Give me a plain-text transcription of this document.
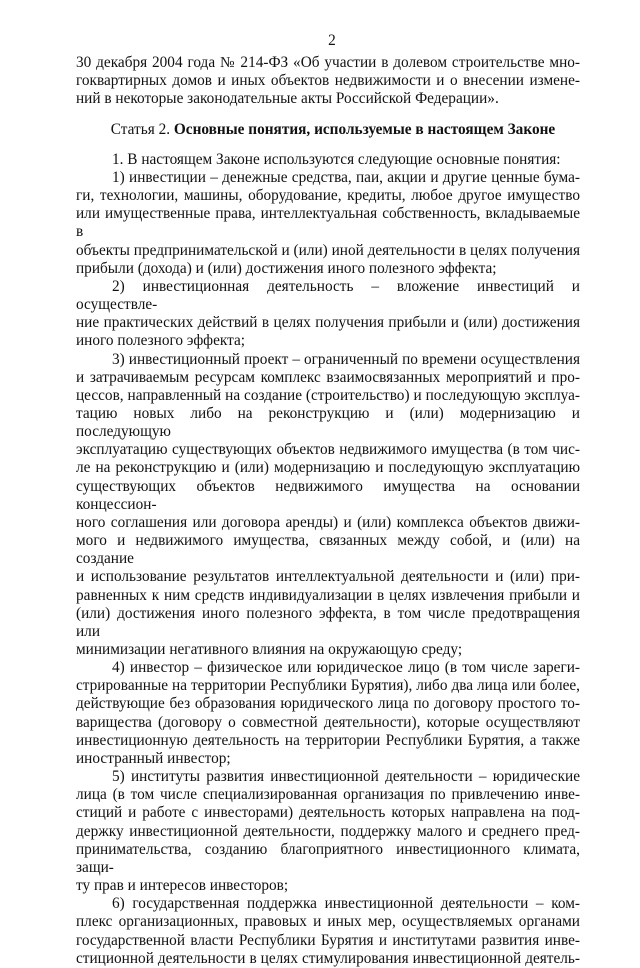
2
30 декабря 2004 года № 214-ФЗ «Об участии в долевом строительстве мно-
гоквартирных домов и иных объектов недвижимости и о внесении измене-
ний в некоторые законодательные акты Российской Федерации».
Статья 2. Основные понятия, используемые в настоящем Законе
1. В настоящем Законе используются следующие основные понятия:
1) инвестиции – денежные средства, паи, акции и другие ценные бума-
ги, технологии, машины, оборудование, кредиты, любое другое имущество
или имущественные права, интеллектуальная собственность, вкладываемые в
объекты предпринимательской и (или) иной деятельности в целях получения
прибыли (дохода) и (или) достижения иного полезного эффекта;
2) инвестиционная деятельность – вложение инвестиций и осуществле-
ние практических действий в целях получения прибыли и (или) достижения
иного полезного эффекта;
3) инвестиционный проект – ограниченный по времени осуществления
и затрачиваемым ресурсам комплекс взаимосвязанных мероприятий и про-
цессов, направленный на создание (строительство) и последующую эксплуа-
тацию новых либо на реконструкцию и (или) модернизацию и последующую
эксплуатацию существующих объектов недвижимого имущества (в том чис-
ле на реконструкцию и (или) модернизацию и последующую эксплуатацию
существующих объектов недвижимого имущества на основании концессион-
ного соглашения или договора аренды) и (или) комплекса объектов движи-
мого и недвижимого имущества, связанных между собой, и (или) на создание
и использование результатов интеллектуальной деятельности и (или) при-
равненных к ним средств индивидуализации в целях извлечения прибыли и
(или) достижения иного полезного эффекта, в том числе предотвращения или
минимизации негативного влияния на окружающую среду;
4) инвестор – физическое или юридическое лицо (в том числе зареги-
стрированные на территории Республики Бурятия), либо два лица или более,
действующие без образования юридического лица по договору простого то-
варищества (договору о совместной деятельности), которые осуществляют
инвестиционную деятельность на территории Республики Бурятия, а также
иностранный инвестор;
5) институты развития инвестиционной деятельности – юридические
лица (в том числе специализированная организация по привлечению инве-
стиций и работе с инвесторами) деятельность которых направлена на под-
держку инвестиционной деятельности, поддержку малого и среднего пред-
принимательства, созданию благоприятного инвестиционного климата, защи-
ту прав и интересов инвесторов;
6) государственная поддержка инвестиционной деятельности – ком-
плекс организационных, правовых и иных мер, осуществляемых органами
государственной власти Республики Бурятия и институтами развития инве-
стиционной деятельности в целях стимулирования инвестиционной деятель-
